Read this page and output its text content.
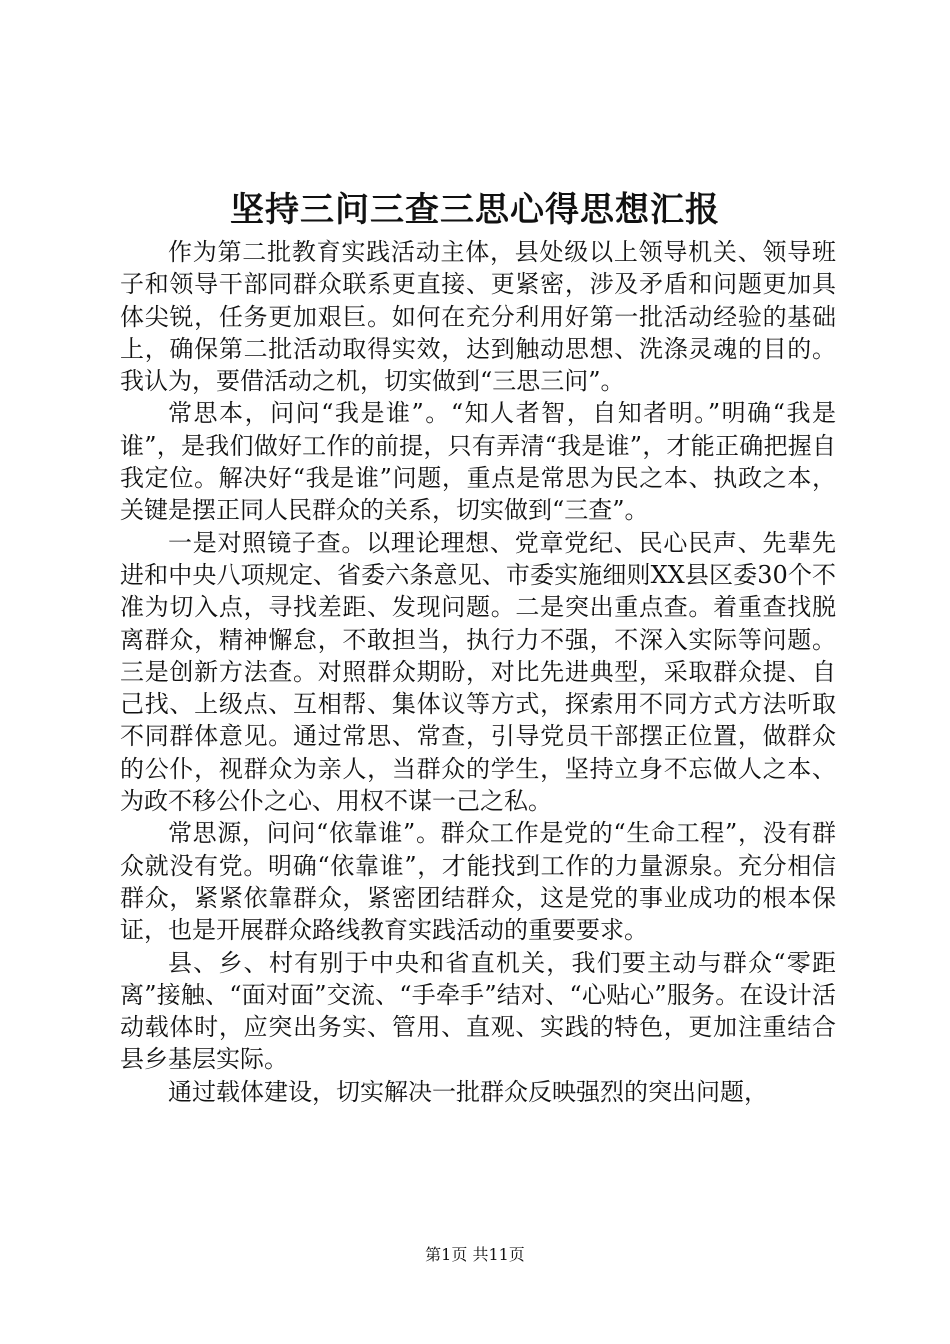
坚持三问三查三思心得思想汇报

作为第二批教育实践活动主体，县处级以上领导机关、领导班子和领导干部同群众联系更直接、更紧密，涉及矛盾和问题更加具体尖锐，任务更加艰巨。如何在充分利用好第一批活动经验的基础上，确保第二批活动取得实效，达到触动思想、洗涤灵魂的目的。我认为，要借活动之机，切实做到“三思三问”。

常思本，问问“我是谁”。“知人者智，自知者明。”明确“我是谁”，是我们做好工作的前提，只有弄清“我是谁”，才能正确把握自我定位。解决好“我是谁”问题，重点是常思为民之本、执政之本，关键是摆正同人民群众的关系，切实做到“三查”。

一是对照镜子查。以理论理想、党章党纪、民心民声、先辈先进和中央八项规定、省委六条意见、市委实施细则XX县区委30个不准为切入点，寻找差距、发现问题。二是突出重点查。着重查找脱离群众，精神懈怠，不敢担当，执行力不强，不深入实际等问题。三是创新方法查。对照群众期盼，对比先进典型，采取群众提、自己找、上级点、互相帮、集体议等方式，探索用不同方式方法听取不同群体意见。通过常思、常查，引导党员干部摆正位置，做群众的公仆，视群众为亲人，当群众的学生，坚持立身不忘做人之本、为政不移公仆之心、用权不谋一己之私。

常思源，问问“依靠谁”。群众工作是党的“生命工程”，没有群众就没有党。明确“依靠谁”，才能找到工作的力量源泉。充分相信群众，紧紧依靠群众，紧密团结群众，这是党的事业成功的根本保证，也是开展群众路线教育实践活动的重要要求。

县、乡、村有别于中央和省直机关，我们要主动与群众“零距离”接触、“面对面”交流、“手牵手”结对、“心贴心”服务。在设计活动载体时，应突出务实、管用、直观、实践的特色，更加注重结合县乡基层实际。

通过载体建设，切实解决一批群众反映强烈的突出问题，

第1页 共11页
